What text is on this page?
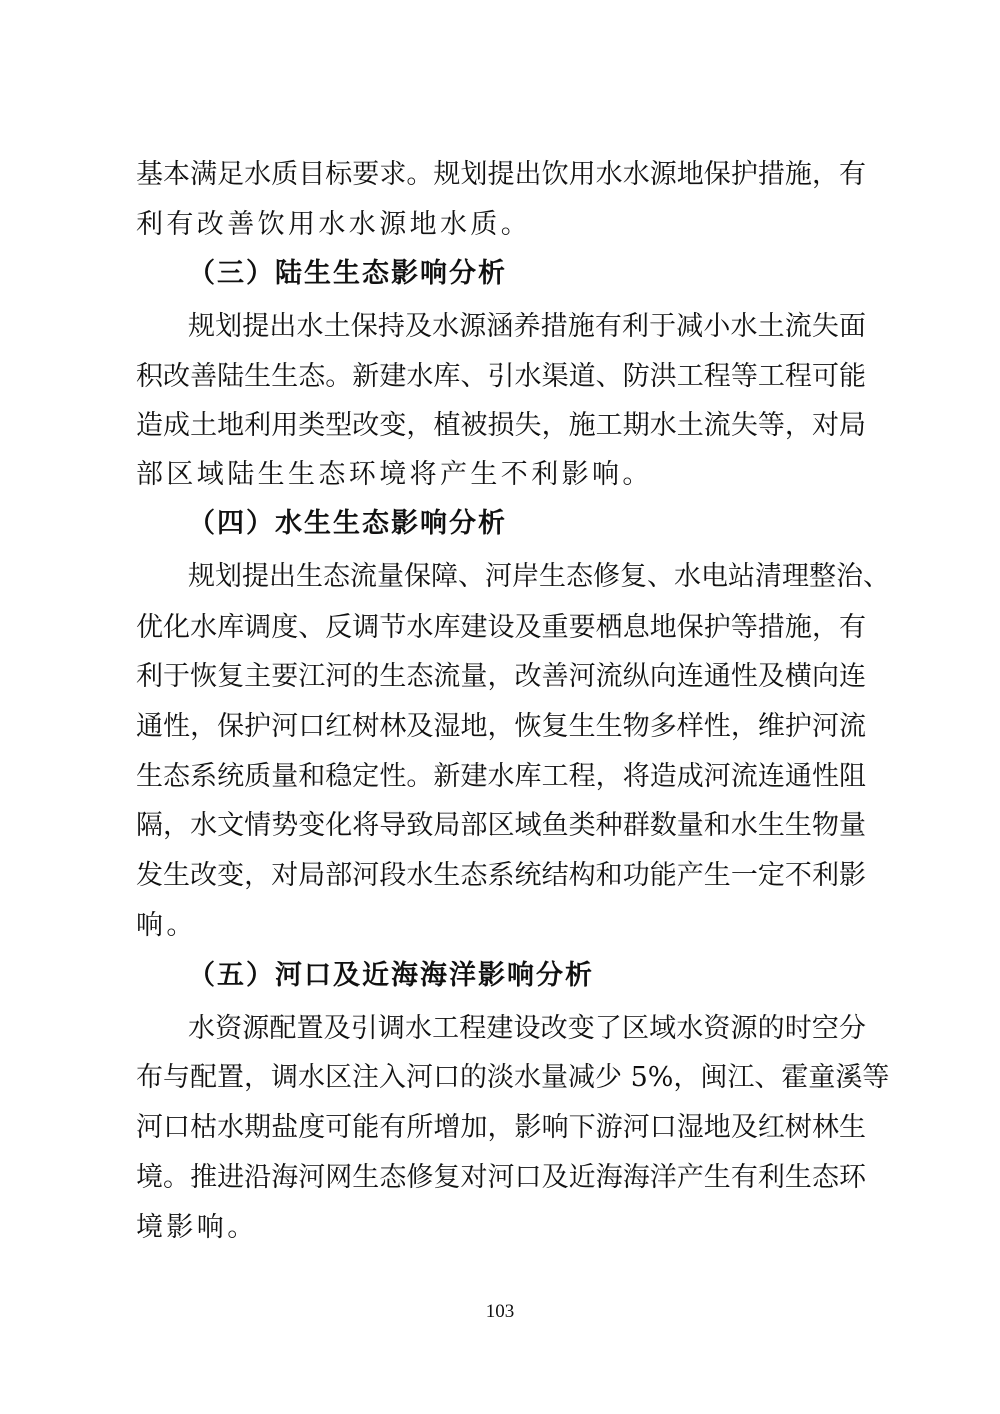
基本满足水质目标要求。规划提出饮用水水源地保护措施，有
利有改善饮用水水源地水质。
（三）陆生生态影响分析
规划提出水土保持及水源涵养措施有利于减小水土流失面
积改善陆生生态。新建水库、引水渠道、防洪工程等工程可能
造成土地利用类型改变，植被损失，施工期水土流失等，对局
部区域陆生生态环境将产生不利影响。
（四）水生生态影响分析
规划提出生态流量保障、河岸生态修复、水电站清理整治、
优化水库调度、反调节水库建设及重要栖息地保护等措施，有
利于恢复主要江河的生态流量，改善河流纵向连通性及横向连
通性，保护河口红树林及湿地，恢复生生物多样性，维护河流
生态系统质量和稳定性。新建水库工程，将造成河流连通性阻
隔，水文情势变化将导致局部区域鱼类种群数量和水生生物量
发生改变，对局部河段水生态系统结构和功能产生一定不利影
响。
（五）河口及近海海洋影响分析
水资源配置及引调水工程建设改变了区域水资源的时空分
布与配置，调水区注入河口的淡水量减少 5%，闽江、霍童溪等
河口枯水期盐度可能有所增加，影响下游河口湿地及红树林生
境。推进沿海河网生态修复对河口及近海海洋产生有利生态环
境影响。
103
